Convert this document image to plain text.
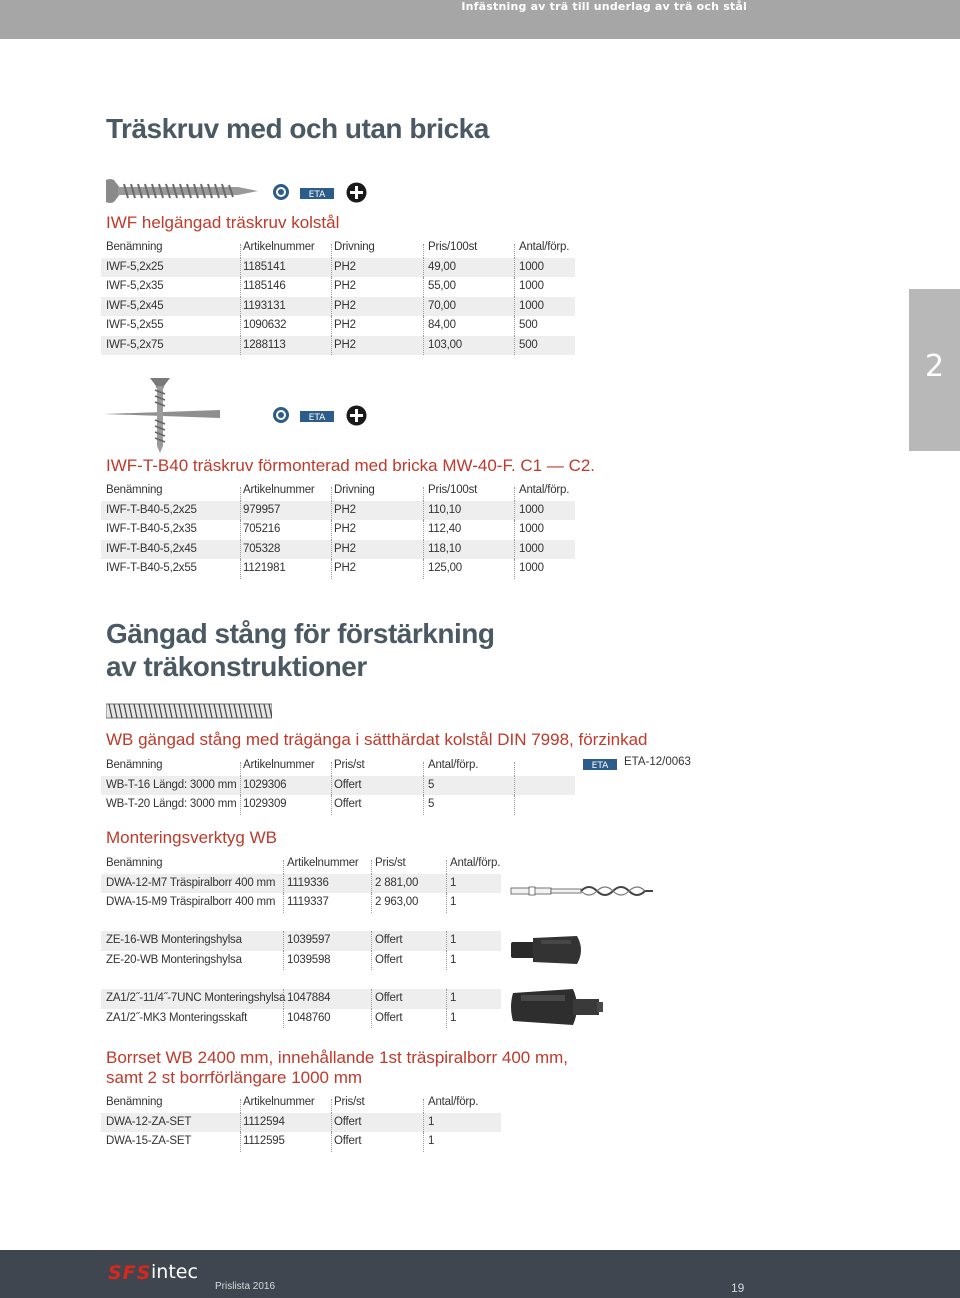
Infästning av trä till underlag av trä och stål
2
Träskruv med och utan bricka
ETA
IWF helgängad träskruv kolstål
Benämning	Artikelnummer Drivning	Pris/100st	Antal/förp.
IWF-5,2x25	1185141	PH2	49,00	1000
IWF-5,2x35	1185146	PH2	55,00	1000
IWF-5,2x45	1193131	PH2	70,00	1000
IWF-5,2x55	1090632	PH2	84,00	500
IWF-5,2x75	1288113	PH2	103,00	500
ETA
IWF-T-B40 träskruv förmonterad med bricka MW-40-F. C1 — C2.
Benämning	Artikelnummer Drivning	Pris/100st	Antal/förp.
IWF-T-B40-5,2x25	979957	PH2	110,10	1000
IWF-T-B40-5,2x35	705216	PH2	112,40	1000
IWF-T-B40-5,2x45	705328	PH2	118,10	1000
IWF-T-B40-5,2x55	1121981	PH2	125,00	1000
Gängad stång för förstärkning
av träkonstruktioner
WB gängad stång med trägänga i sätthärdat kolstål DIN 7998, förzinkad
ETA ETA-12/0063
Benämning	Artikelnummer Pris/st	Antal/förp.
WB-T-16 Längd: 3000 mm 1029306	Offert	5
WB-T-20 Längd: 3000 mm 1029309	Offert	5
Monteringsverktyg WB
Benämning	Artikelnummer Pris/st	Antal/förp.
DWA-12-M7 Träspiralborr 400 mm 1119336	2 881,00	1
DWA-15-M9 Träspiralborr 400 mm 1119337	2 963,00	1
ZE-16-WB Monteringshylsa	1039597	Offert	1
ZE-20-WB Monteringshylsa	1039598	Offert	1
ZA1/2˝-11/4˝-7UNC Monteringshylsa 1047884	Offert	1
ZA1/2˝-MK3 Monteringsskaft	1048760	Offert	1
Borrset WB 2400 mm, innehållande 1st träspiralborr 400 mm,
samt 2 st borrförlängare 1000 mm
Benämning	Artikelnummer Pris/st	Antal/förp.
DWA-12-ZA-SET	1112594	Offert	1
DWA-15-ZA-SET	1112595	Offert	1
SFS intec
Prislista 2016	19
